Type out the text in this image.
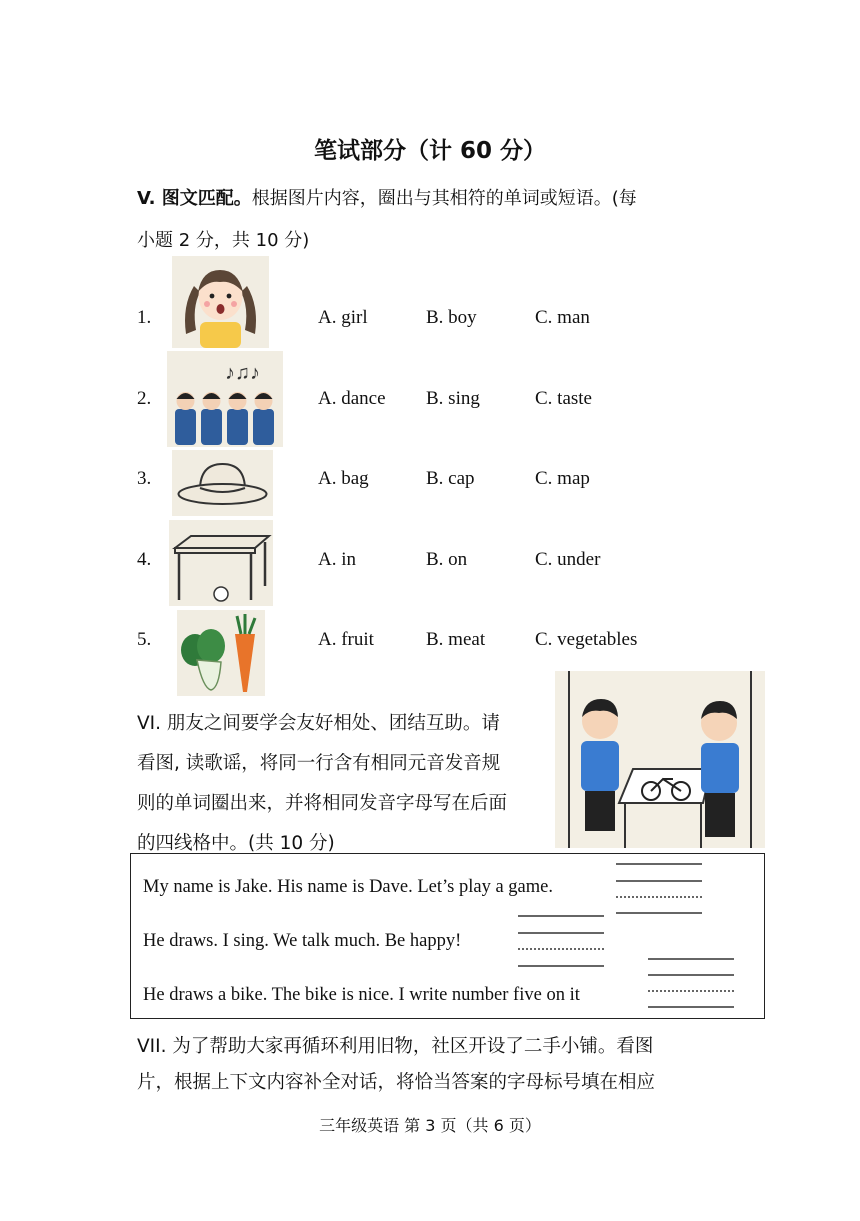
笔试部分（计 60 分）
V. 图文匹配。根据图片内容，圈出与其相符的单词或短语。(每
小题 2 分，共 10 分)
1.	A. girl	B. boy	C. man
♪♫♪
2.	A. dance B. sing	C. taste
3.	A. bag	B. cap	C. map
4.	A. in	B. on	C. under
5.	A. fruit	B. meat	C. vegetables
VI. 朋友之间要学会友好相处、团结互助。请
看图, 读歌谣，将同一行含有相同元音发音规
则的单词圈出来，并将相同发音字母写在后面
的四线格中。(共 10 分)
My name is Jake. His name is Dave. Let’s play a game.
He draws. I sing. We talk much. Be happy!
He draws a bike. The bike is nice. I write number five on it
VII. 为了帮助大家再循环利用旧物，社区开设了二手小铺。看图
片，根据上下文内容补全对话，将恰当答案的字母标号填在相应
三年级英语 第 3 页（共 6 页）
